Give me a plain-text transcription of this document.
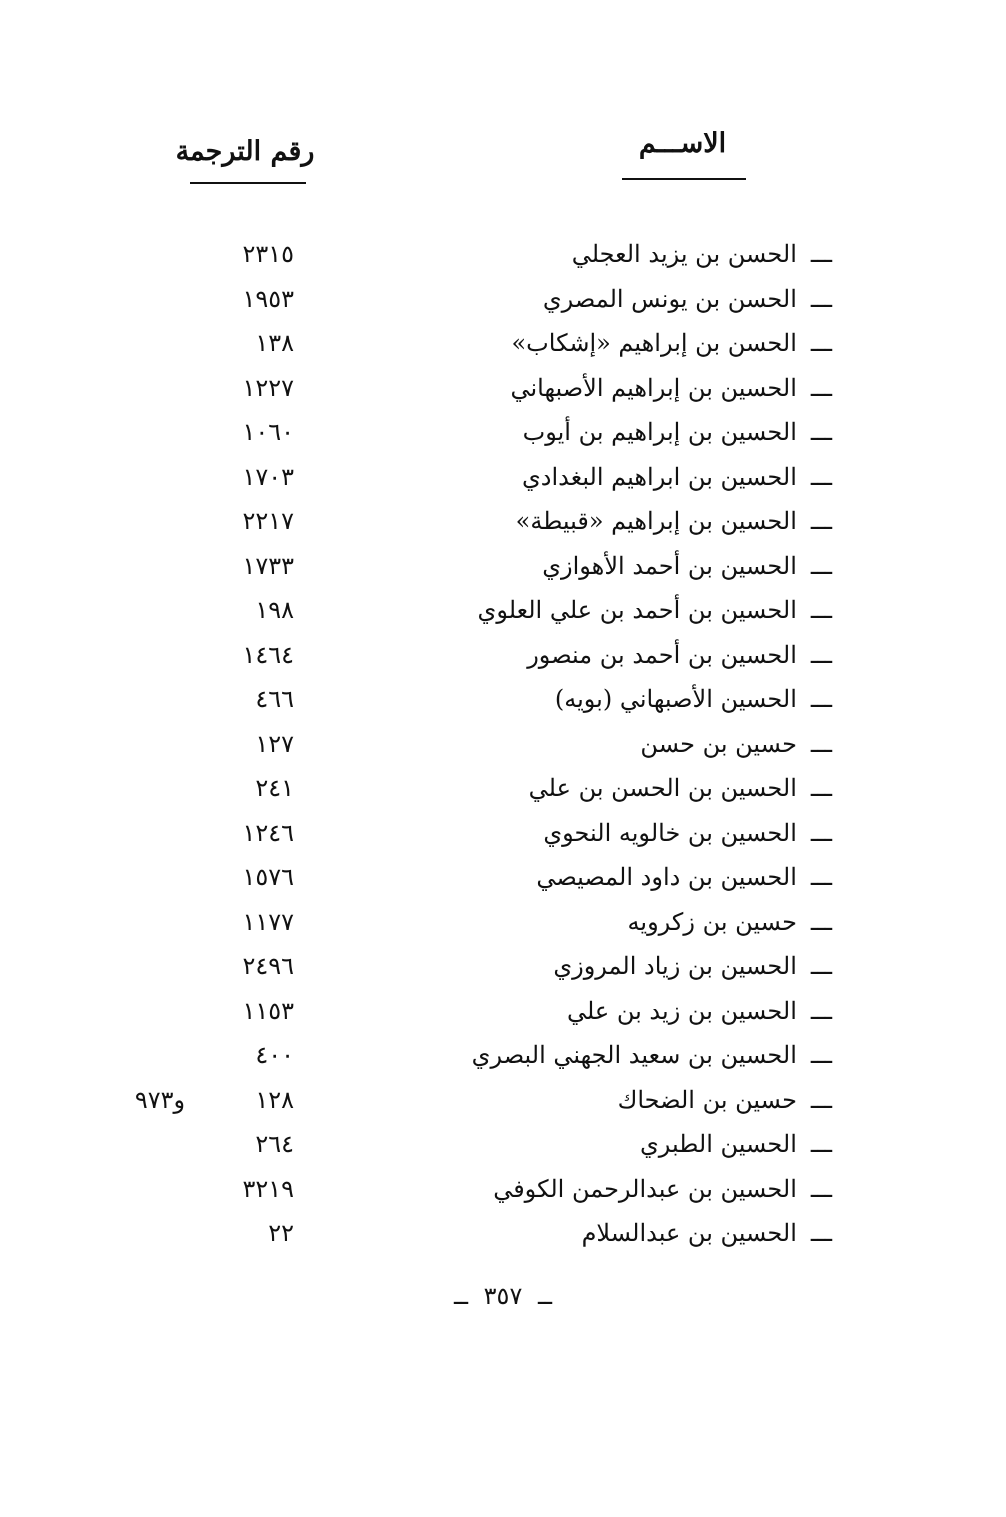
الاســـم
رقم الترجمة
ـــالحسن بن يزيد العجلي
٢٣١٥
ـــالحسن بن يونس المصري
١٩٥٣
ـــالحسن بن إبراهيم «إشكاب»
١٣٨
ـــالحسين بن إبراهيم الأصبهاني
١٢٢٧
ـــالحسين بن إبراهيم بن أيوب
١٠٦٠
ـــالحسين بن ابراهيم البغدادي
١٧٠٣
ـــالحسين بن إبراهيم «قبيطة»
٢٢١٧
ـــالحسين بن أحمد الأهوازي
١٧٣٣
ـــالحسين بن أحمد بن علي العلوي
١٩٨
ـــالحسين بن أحمد بن منصور
١٤٦٤
ـــالحسين الأصبهاني (بويه)
٤٦٦
ـــحسين بن حسن
١٢٧
ـــالحسين بن الحسن بن علي
٢٤١
ـــالحسين بن خالويه النحوي
١٢٤٦
ـــالحسين بن داود المصيصي
١٥٧٦
ـــحسين بن زكرويه
١١٧٧
ـــالحسين بن زياد المروزي
٢٤٩٦
ـــالحسين بن زيد بن علي
١١٥٣
ـــالحسين بن سعيد الجهني البصري
٤٠٠
ـــحسين بن الضحاك
١٢٨
و٩٧٣
ـــالحسين الطبري
٢٦٤
ـــالحسين بن عبدالرحمن الكوفي
٣٢١٩
ـــالحسين بن عبدالسلام
٢٢
ــ ٣٥٧ ــ
